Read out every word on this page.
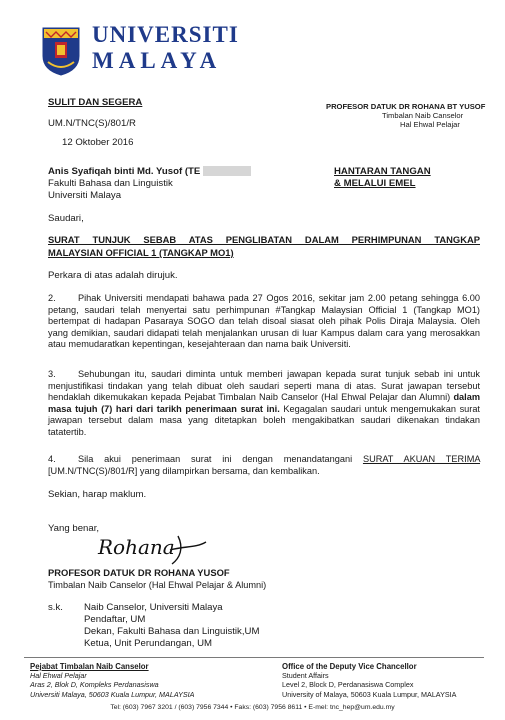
UNIVERSITI
MALAYA
SULIT DAN SEGERA	PROFESOR DATUK DR ROHANA BT YUSOF
Timbalan Naib Canselor
Hal Ehwal Pelajar
UM.N/TNC(S)/801/R
12 Oktober 2016
Anis Syafiqah binti Md. Yusof (TE
Fakulti Bahasa dan Linguistik
Universiti Malaya
HANTARAN TANGAN
& MELALUI EMEL
Saudari,
SURAT TUNJUK SEBAB ATAS PENGLIBATAN DALAM PERHIMPUNAN TANGKAP
MALAYSIAN OFFICIAL 1 (TANGKAP MO1)
Perkara di atas adalah dirujuk.
2. Pihak Universiti mendapati bahawa pada 27 Ogos 2016, sekitar jam 2.00 petang sehingga 6.00 petang, saudari telah menyertai satu perhimpunan #Tangkap Malaysian Official 1 (Tangkap MO1) bertempat di hadapan Pasaraya SOGO dan telah disoal siasat oleh pihak Polis Diraja Malaysia. Oleh yang demikian, saudari didapati telah menjalankan urusan di luar Kampus dalam cara yang merosakkan atau memudaratkan kepentingan, kesejahteraan dan nama baik Universiti.
3. Sehubungan itu, saudari diminta untuk memberi jawapan kepada surat tunjuk sebab ini untuk menjustifikasi tindakan yang telah dibuat oleh saudari seperti mana di atas. Surat jawapan tersebut hendaklah dikemukakan kepada Pejabat Timbalan Naib Canselor (Hal Ehwal Pelajar dan Alumni) dalam masa tujuh (7) hari dari tarikh penerimaan surat ini. Kegagalan saudari untuk mengemukakan surat jawapan tersebut dalam masa yang ditetapkan boleh mengakibatkan saudari dikenakan tindakan tatatertib.
4. Sila akui penerimaan surat ini dengan menandatangani SURAT AKUAN TERIMA [UM.N/TNC(S)/801/R] yang dilampirkan bersama, dan kembalikan.
Sekian, harap maklum.
Yang benar,
Rohana
PROFESOR DATUK DR ROHANA YUSOF
Timbalan Naib Canselor (Hal Ehwal Pelajar & Alumni)
s.k. Naib Canselor, Universiti Malaya
Pendaftar, UM
Dekan, Fakulti Bahasa dan Linguistik,UM
Ketua, Unit Perundangan, UM
Pejabat Timbalan Naib Canselor
Hal Ehwal Pelajar
Aras 2, Blok D, Kompleks Perdanasiswa
Universiti Malaya, 50603 Kuala Lumpur, MALAYSIA
Office of the Deputy Vice Chancellor
Student Affairs
Level 2, Block D, Perdanasiswa Complex
University of Malaya, 50603 Kuala Lumpur, MALAYSIA
Tel: (603) 7967 3201 / (603) 7956 7344 • Faks: (603) 7956 8611 • E-mel: tnc_hep@um.edu.my
